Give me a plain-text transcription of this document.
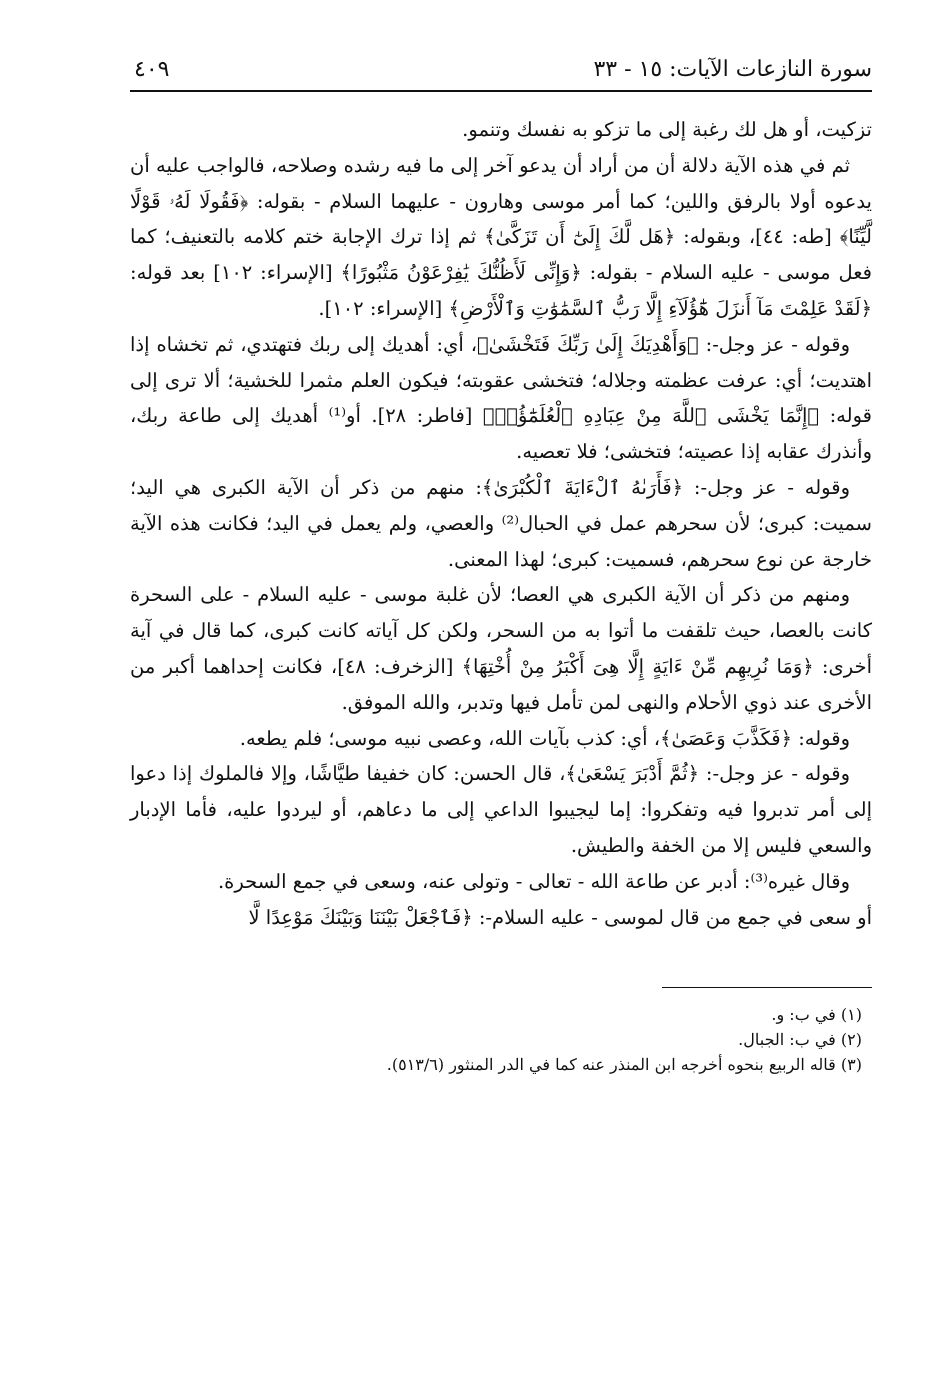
سورة النازعات الآيات: ١٥ - ٣٣
٤٠٩

تزكيت، أو هل لك رغبة إلى ما تزكو به نفسك وتنمو.

ثم في هذه الآية دلالة أن من أراد أن يدعو آخر إلى ما فيه رشده وصلاحه، فالواجب عليه أن يدعوه أولا بالرفق واللين؛ كما أمر موسى وهارون - عليهما السلام - بقوله: ﴿فَقُولَا لَهُۥ قَوْلًا لَّيِّنًا﴾ [طه: ٤٤]، وبقوله: ﴿هَل لَّكَ إِلَىٰٓ أَن تَزَكَّىٰ﴾ ثم إذا ترك الإجابة ختم كلامه بالتعنيف؛ كما فعل موسى - عليه السلام - بقوله: ﴿وَإِنِّى لَأَظُنُّكَ يَٰفِرْعَوْنُ مَثْبُورًا﴾ [الإسراء: ١٠٢] بعد قوله: ﴿لَقَدْ عَلِمْتَ مَآ أَنزَلَ هَٰٓؤُلَآءِ إِلَّا رَبُّ ٱلسَّمَٰوَٰتِ وَٱلْأَرْضِ﴾ [الإسراء: ١٠٢].

وقوله - عز وجل-: ﴿وَأَهْدِيَكَ إِلَىٰ رَبِّكَ فَتَخْشَىٰ﴾، أي: أهديك إلى ربك فتهتدي، ثم تخشاه إذا اهتديت؛ أي: عرفت عظمته وجلاله؛ فتخشى عقوبته؛ فيكون العلم مثمرا للخشية؛ ألا ترى إلى قوله: ﴿إِنَّمَا يَخْشَى ٱللَّهَ مِنْ عِبَادِهِ ٱلْعُلَمَٰٓؤُا۟﴾ [فاطر: ٢٨]. أو⁽¹⁾ أهديك إلى طاعة ربك، وأنذرك عقابه إذا عصيته؛ فتخشى؛ فلا تعصيه.

وقوله - عز وجل-: ﴿فَأَرَىٰهُ ٱلْءَايَةَ ٱلْكُبْرَىٰ﴾: منهم من ذكر أن الآية الكبرى هي اليد؛ سميت: كبرى؛ لأن سحرهم عمل في الحبال⁽²⁾ والعصي، ولم يعمل في اليد؛ فكانت هذه الآية خارجة عن نوع سحرهم، فسميت: كبرى؛ لهذا المعنى.

ومنهم من ذكر أن الآية الكبرى هي العصا؛ لأن غلبة موسى - عليه السلام - على السحرة كانت بالعصا، حيث تلقفت ما أتوا به من السحر، ولكن كل آياته كانت كبرى، كما قال في آية أخرى: ﴿وَمَا نُرِيهِم مِّنْ ءَايَةٍ إِلَّا هِىَ أَكْبَرُ مِنْ أُخْتِهَا﴾ [الزخرف: ٤٨]، فكانت إحداهما أكبر من الأخرى عند ذوي الأحلام والنهى لمن تأمل فيها وتدبر، والله الموفق.

وقوله: ﴿فَكَذَّبَ وَعَصَىٰ﴾، أي: كذب بآيات الله، وعصى نبيه موسى؛ فلم يطعه.

وقوله - عز وجل-: ﴿ثُمَّ أَدْبَرَ يَسْعَىٰ﴾، قال الحسن: كان خفيفا طيَّاشًا، وإلا فالملوك إذا دعوا إلى أمر تدبروا فيه وتفكروا: إما ليجيبوا الداعي إلى ما دعاهم، أو ليردوا عليه، فأما الإدبار والسعي فليس إلا من الخفة والطيش.

وقال غيره⁽³⁾: أدبر عن طاعة الله - تعالى - وتولى عنه، وسعى في جمع السحرة.

أو سعى في جمع من قال لموسى - عليه السلام-: ﴿فَٱجْعَلْ بَيْنَنَا وَبَيْنَكَ مَوْعِدًا لَّا

(١) في ب: و.

(٢) في ب: الجبال.

(٣) قاله الربيع بنحوه أخرجه ابن المنذر عنه كما في الدر المنثور (٥١٣/٦).
